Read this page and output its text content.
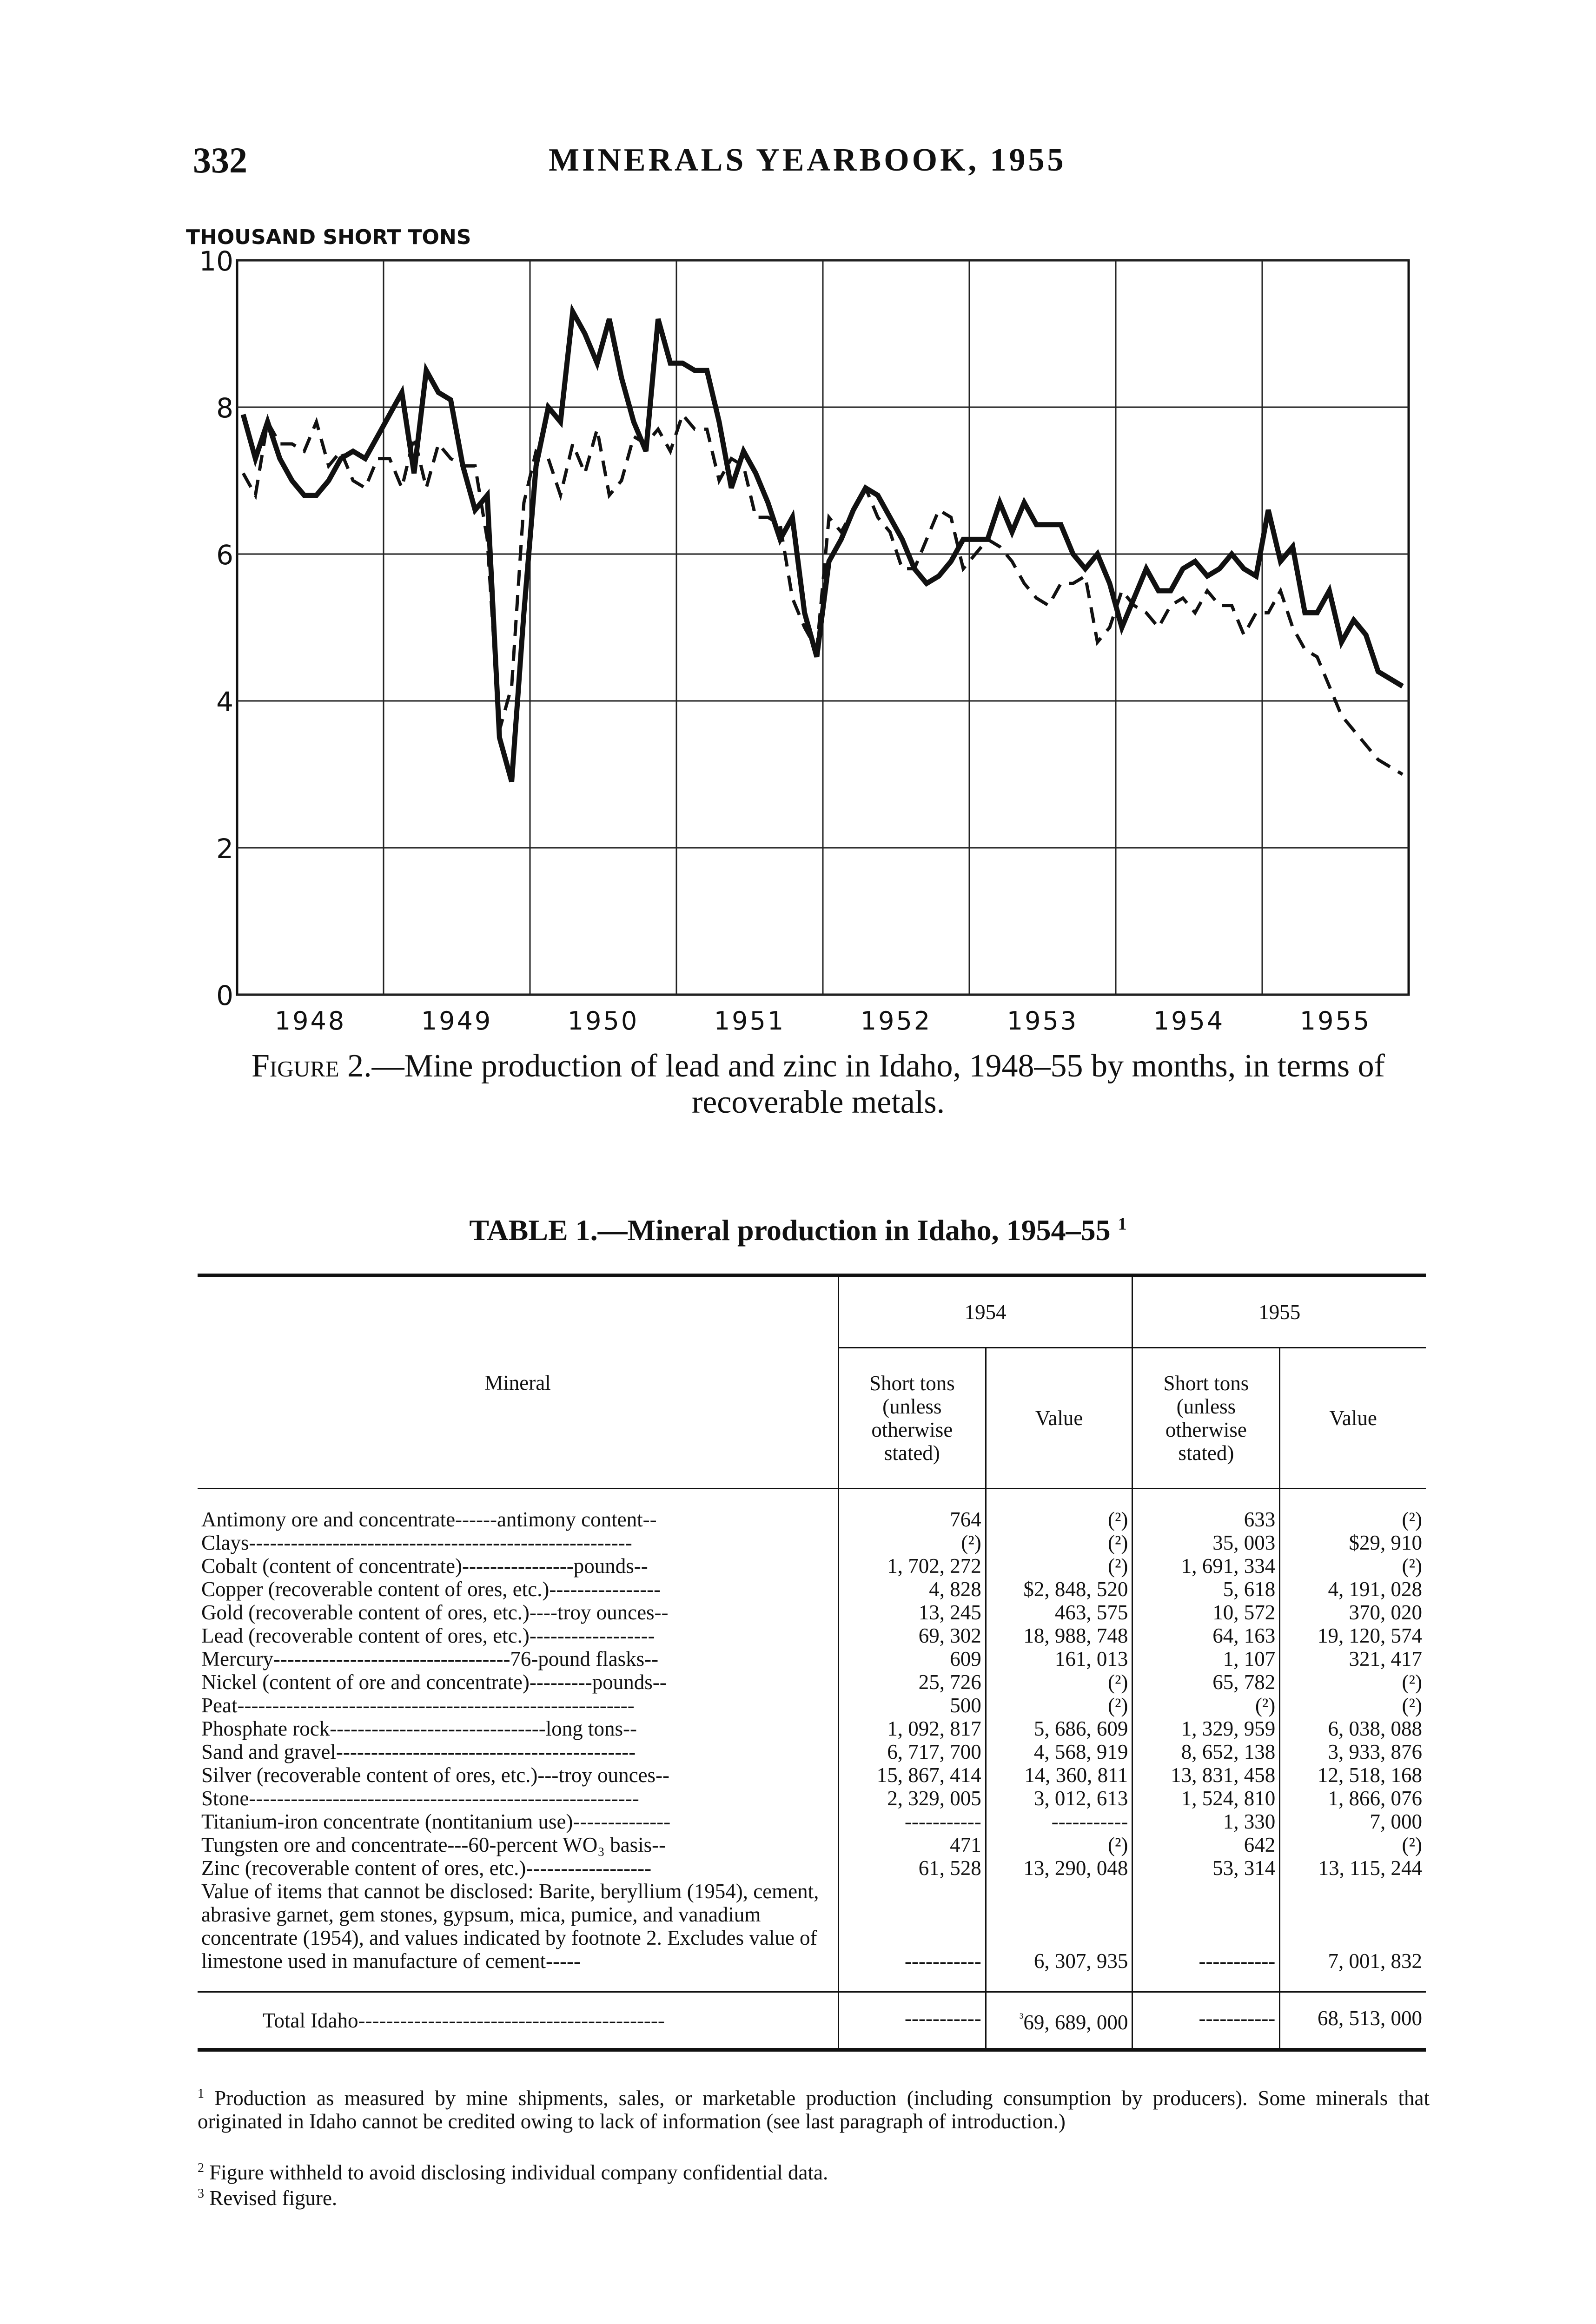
332	MINERALS YEARBOOK, 1955
0
2
4
6
8
10
1948	1949	1950	1951	1952	1953	1954	1955
THOUSAND SHORT TONS
Figure 2.—Mine production of lead and zinc in Idaho, 1948–55 by months, in terms of recoverable metals.
TABLE 1.—Mineral production in Idaho, 1954–55 $^1$
Mineral	1954		1955	
	Short tons (unless otherwise stated)	Value	Short tons (unless otherwise stated)	Value

Antimony ore and concentrate------antimony content--	764	(²)	633	(²)
Clays-------------------------------------------------------	(²)	(²)	35, 003	$29, 910
Cobalt (content of concentrate)----------------pounds--	1, 702, 272	(²)	1, 691, 334	(²)
Copper (recoverable content of ores, etc.)----------------	4, 828	$2, 848, 520	5, 618	4, 191, 028
Gold (recoverable content of ores, etc.)----troy ounces--	13, 245	463, 575	10, 572	370, 020
Lead (recoverable content of ores, etc.)------------------	69, 302	18, 988, 748	64, 163	19, 120, 574
Mercury----------------------------------76-pound flasks--	609	161, 013	1, 107	321, 417
Nickel (content of ore and concentrate)---------pounds--	25, 726	(²)	65, 782	(²)
Peat---------------------------------------------------------	500	(²)	(²)	(²)
Phosphate rock-------------------------------long tons--	1, 092, 817	5, 686, 609	1, 329, 959	6, 038, 088
Sand and gravel-------------------------------------------	6, 717, 700	4, 568, 919	8, 652, 138	3, 933, 876
Silver (recoverable content of ores, etc.)---troy ounces--	15, 867, 414	14, 360, 811	13, 831, 458	12, 518, 168
Stone--------------------------------------------------------	2, 329, 005	3, 012, 613	1, 524, 810	1, 866, 076
Titanium-iron concentrate (nontitanium use)--------------	-----------	-----------	1, 330	7, 000
Tungsten ore and concentrate---60-percent WO₃ basis--	471	(²)	642	(²)
Zinc (recoverable content of ores, etc.)------------------	61, 528	13, 290, 048	53, 314	13, 115, 244
Value of items that cannot be disclosed: Barite, beryllium (1954), cement, abrasive garnet, gem stones, gypsum, mica, pumice, and vanadium concentrate (1954), and values indicated by footnote 2. Excludes value of limestone used in manufacture of cement-----	-----------	6, 307, 935	-----------	7, 001, 832

Total Idaho--------------------------------------------	-----------	$^{^3}$69, 689, 000	-----------	68, 513, 000
$^1$ Production as measured by mine shipments, sales, or marketable production (including consumption by producers). Some minerals that originated in Idaho cannot be credited owing to lack of information (see last paragraph of introduction.)
$^2$ Figure withheld to avoid disclosing individual company confidential data.
$^3$ Revised figure.
